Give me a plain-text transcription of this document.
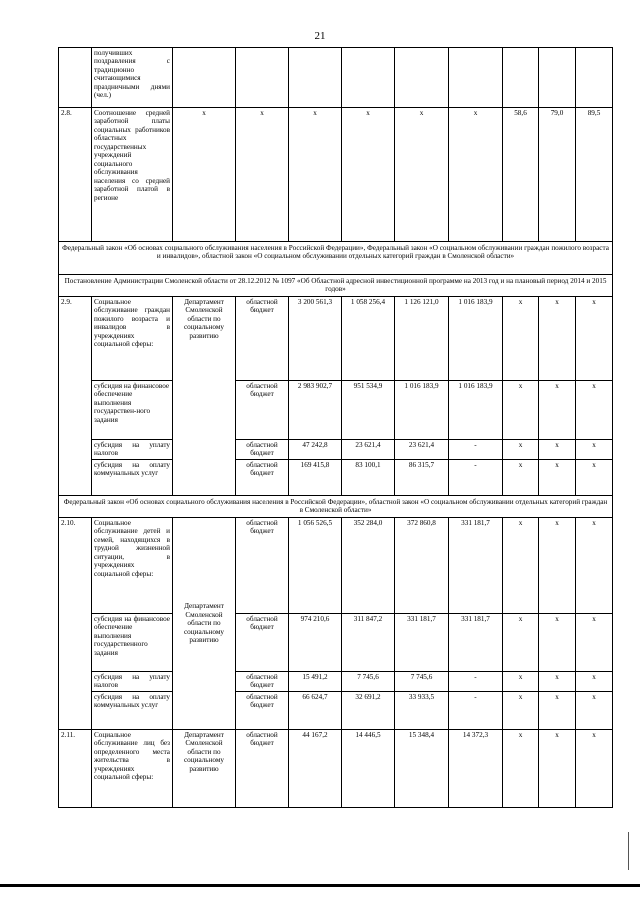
21
	получивших поздравления с традиционно считающимися праздничными днями (чел.)									
2.8.	Соотношение средней заработной платы социальных работников областных государственных учреждений социального обслуживания населения со средней заработной платой в регионе	х	х	х	х	х	х	58,6	79,0	89,5
Федеральный закон «Об основах социального обслуживания населения в Российской Федерации», Федеральный закон «О социальном обслуживании граждан пожилого возраста и инвалидов», областной закон «О социальном обслуживании отдельных категорий граждан в Смоленской области»										
Постановление Администрации Смоленской области от 28.12.2012 № 1097 «Об Областной адресной инвестиционной программе на 2013 год и на плановый период 2014 и 2015 годов»										
2.9.	Социальное обслуживание граждан пожилого возраста и инвалидов в учреждениях социальной сферы:	Департамент Смоленской области по социальному развитию	областной бюджет	3 200 561,3	1 058 256,4	1 126 121,0	1 016 183,9	х	х	х
	субсидия на финансовое обеспечение выполнения государствен-ного задания		областной бюджет	2 983 902,7	951 534,9	1 016 183,9	1 016 183,9	х	х	х
	субсидия на уплату налогов		областной бюджет	47 242,8	23 621,4	23 621,4	-	х	х	х
	субсидия на оплату коммунальных услуг		областной бюджет	169 415,8	83 100,1	86 315,7	-	х	х	х
Федеральный закон «Об основах социального обслуживания населения в Российской Федерации», областной закон «О социальном обслуживании отдельных категорий граждан в Смоленской области»										
2.10.	Социальное обслуживание детей и семей, находящихся в трудной жизненной ситуации, в учреждениях социальной сферы:	Департамент Смоленской области по социальному развитию	областной бюджет	1 056 526,5	352 284,0	372 860,8	331 181,7	х	х	х
	субсидия на финансовое обеспечение выполнения государственного задания		областной бюджет	974 210,6	311 847,2	331 181,7	331 181,7	х	х	х
	субсидия на уплату налогов		областной бюджет	15 491,2	7 745,6	7 745,6	-	х	х	х
	субсидия на оплату коммунальных услуг		областной бюджет	66 624,7	32 691,2	33 933,5	-	х	х	х
2.11.	Социальное обслуживание лиц без определенного места жительства в учреждениях социальной сферы:	Департамент Смоленской области по социальному развитию	областной бюджет	44 167,2	14 446,5	15 348,4	14 372,3	х	х	х
